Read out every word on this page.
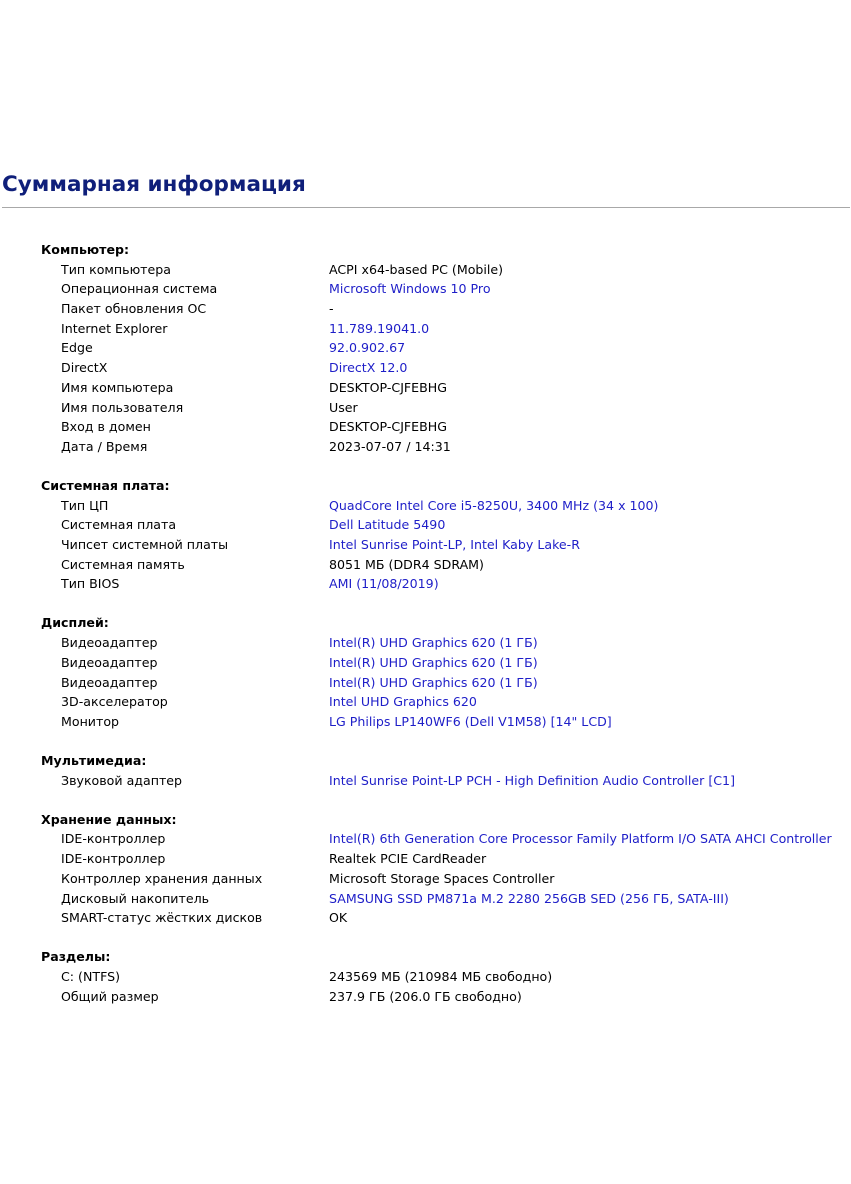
Суммарная информация
Компьютер:
Тип компьютера	ACPI x64-based PC (Mobile)
Операционная система	Microsoft Windows 10 Pro
Пакет обновления ОС	-
Internet Explorer	11.789.19041.0
Edge	92.0.902.67
DirectX	DirectX 12.0
Имя компьютера	DESKTOP-CJFEBHG
Имя пользователя	User
Вход в домен	DESKTOP-CJFEBHG
Дата / Время	2023-07-07 / 14:31
Системная плата:
Тип ЦП	QuadCore Intel Core i5-8250U, 3400 MHz (34 x 100)
Системная плата	Dell Latitude 5490
Чипсет системной платы	Intel Sunrise Point-LP, Intel Kaby Lake-R
Системная память	8051 МБ (DDR4 SDRAM)
Тип BIOS	AMI (11/08/2019)
Дисплей:
Видеоадаптер	Intel(R) UHD Graphics 620 (1 ГБ)
Видеоадаптер	Intel(R) UHD Graphics 620 (1 ГБ)
Видеоадаптер	Intel(R) UHD Graphics 620 (1 ГБ)
3D-акселератор	Intel UHD Graphics 620
Монитор	LG Philips LP140WF6 (Dell V1M58) [14" LCD]
Мультимедиа:
Звуковой адаптер	Intel Sunrise Point-LP PCH - High Definition Audio Controller [C1]
Хранение данных:
IDE-контроллер	Intel(R) 6th Generation Core Processor Family Platform I/O SATA AHCI Controller
IDE-контроллер	Realtek PCIE CardReader
Контроллер хранения данных	Microsoft Storage Spaces Controller
Дисковый накопитель	SAMSUNG SSD PM871a M.2 2280 256GB SED (256 ГБ, SATA-III)
SMART-статус жёстких дисков	OK
Разделы:
C: (NTFS)	243569 МБ (210984 МБ свободно)
Общий размер	237.9 ГБ (206.0 ГБ свободно)
